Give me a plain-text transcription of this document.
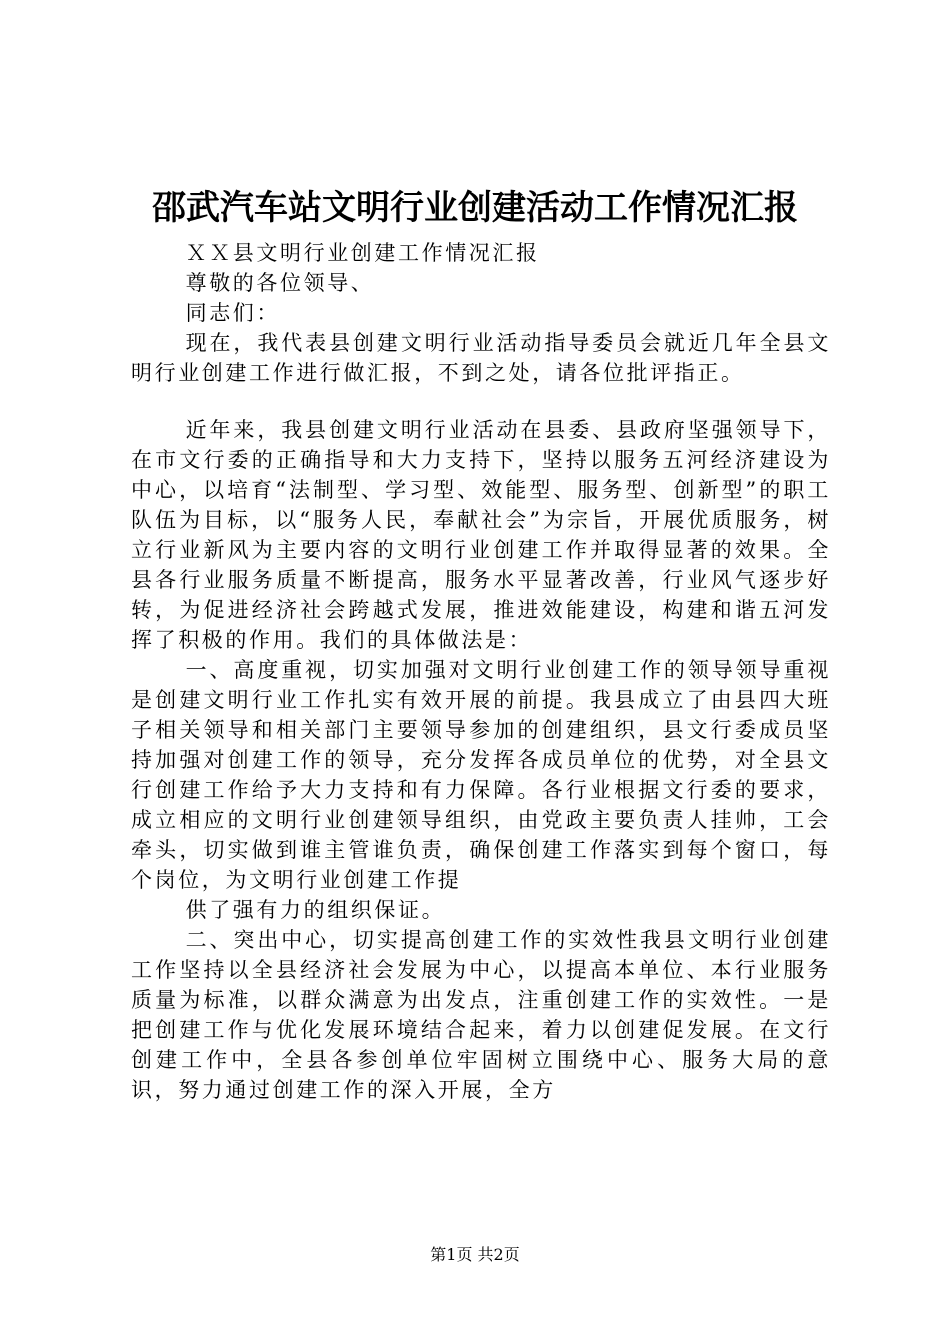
邵武汽车站文明行业创建活动工作情况汇报

ＸＸ县文明行业创建工作情况汇报

尊敬的各位领导、

同志们：

现在，我代表县创建文明行业活动指导委员会就近几年全县文明行业创建工作进行做汇报，不到之处，请各位批评指正。

近年来，我县创建文明行业活动在县委、县政府坚强领导下，在市文行委的正确指导和大力支持下，坚持以服务五河经济建设为中心，以培育“法制型、学习型、效能型、服务型、创新型”的职工队伍为目标，以“服务人民，奉献社会”为宗旨，开展优质服务，树立行业新风为主要内容的文明行业创建工作并取得显著的效果。全县各行业服务质量不断提高，服务水平显著改善，行业风气逐步好转，为促进经济社会跨越式发展，推进效能建设，构建和谐五河发挥了积极的作用。我们的具体做法是：

一、高度重视，切实加强对文明行业创建工作的领导领导重视是创建文明行业工作扎实有效开展的前提。我县成立了由县四大班子相关领导和相关部门主要领导参加的创建组织，县文行委成员坚持加强对创建工作的领导，充分发挥各成员单位的优势，对全县文行创建工作给予大力支持和有力保障。各行业根据文行委的要求，成立相应的文明行业创建领导组织，由党政主要负责人挂帅，工会牵头，切实做到谁主管谁负责，确保创建工作落实到每个窗口，每个岗位，为文明行业创建工作提

供了强有力的组织保证。

二、突出中心，切实提高创建工作的实效性我县文明行业创建工作坚持以全县经济社会发展为中心，以提高本单位、本行业服务质量为标准，以群众满意为出发点，注重创建工作的实效性。一是把创建工作与优化发展环境结合起来，着力以创建促发展。在文行创建工作中，全县各参创单位牢固树立围绕中心、服务大局的意识，努力通过创建工作的深入开展，全方

第1页 共2页
